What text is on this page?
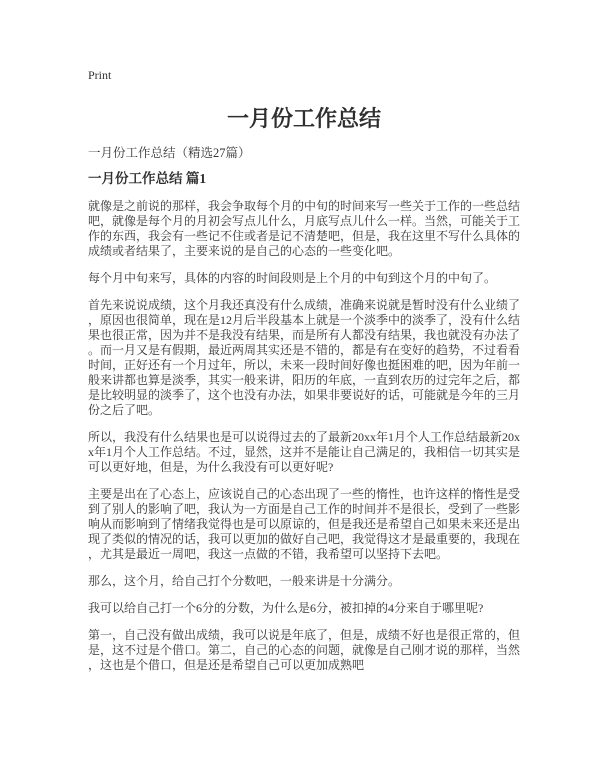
Print
一月份工作总结
一月份工作总结（精选27篇）
一月份工作总结 篇1

就像是之前说的那样，我会争取每个月的中旬的时间来写一些关于工作的一些总结吧，就像是每个月的月初会写点儿什么，月底写点儿什么一样。当然，可能关于工作的东西，我会有一些记不住或者是记不清楚吧，但是，我在这里不写什么具体的成绩或者结果了，主要来说的是自己的心态的一些变化吧。

每个月中旬来写，具体的内容的时间段则是上个月的中旬到这个月的中旬了。

首先来说说成绩，这个月我还真没有什么成绩，准确来说就是暂时没有什么业绩了，原因也很简单，现在是12月后半段基本上就是一个淡季中的淡季了，没有什么结果也很正常，因为并不是我没有结果，而是所有人都没有结果，我也就没有办法了。而一月又是有假期，最近两周其实还是不错的，都是有在变好的趋势，不过看看时间，正好还有一个月过年，所以，未来一段时间好像也挺困难的吧，因为年前一般来讲都也算是淡季，其实一般来讲，阳历的年底，一直到农历的过完年之后，都是比较明显的淡季了，这个也没有办法，如果非要说好的话，可能就是今年的三月份之后了吧。

所以，我没有什么结果也是可以说得过去的了最新20xx年1月个人工作总结最新20xx年1月个人工作总结。不过，显然，这并不是能让自己满足的，我相信一切其实是可以更好地，但是，为什么我没有可以更好呢?

主要是出在了心态上，应该说自己的心态出现了一些的惰性，也许这样的惰性是受到了别人的影响了吧，我认为一方面是自己工作的时间并不是很长，受到了一些影响从而影响到了情绪我觉得也是可以原谅的，但是我还是希望自己如果未来还是出现了类似的情况的话，我可以更加的做好自己吧，我觉得这才是最重要的，我现在，尤其是最近一周吧，我这一点做的不错，我希望可以坚持下去吧。

那么，这个月，给自己打个分数吧，一般来讲是十分满分。

我可以给自己打一个6分的分数，为什么是6分，被扣掉的4分来自于哪里呢?

第一，自己没有做出成绩，我可以说是年底了，但是，成绩不好也是很正常的，但是，这不过是个借口。第二，自己的心态的问题，就像是自己刚才说的那样，当然，这也是个借口，但是还是希望自己可以更加成熟吧
